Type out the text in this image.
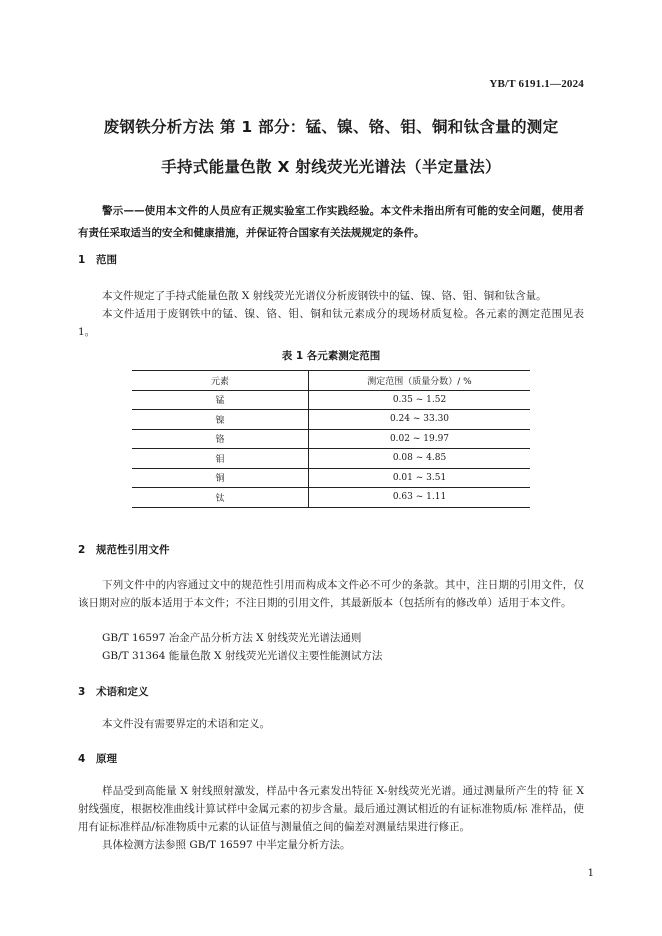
YB/T 6191.1—2024
废钢铁分析方法 第 1 部分：锰、镍、铬、钼、铜和钛含量的测定
手持式能量色散 X 射线荧光光谱法（半定量法）
警示——使用本文件的人员应有正规实验室工作实践经验。本文件未指出所有可能的安全问题，使用者有责任采取适当的安全和健康措施，并保证符合国家有关法规规定的条件。
1 范围
本文件规定了手持式能量色散 X 射线荧光光谱仪分析废钢铁中的锰、镍、铬、钼、铜和钛含量。
本文件适用于废钢铁中的锰、镍、铬、钼、铜和钛元素成分的现场材质复检。各元素的测定范围见表 1。
表 1 各元素测定范围
元素	测定范围（质量分数）/ %
锰	0.35 ~ 1.52
镍	0.24 ~ 33.30
铬	0.02 ~ 19.97
钼	0.08 ~ 4.85
铜	0.01 ~ 3.51
钛	0.63 ~ 1.11
2 规范性引用文件
下列文件中的内容通过文中的规范性引用而构成本文件必不可少的条款。其中，注日期的引用文件，仅该日期对应的版本适用于本文件；不注日期的引用文件，其最新版本（包括所有的修改单）适用于本文件。
GB/T 16597 冶金产品分析方法 X 射线荧光光谱法通则
GB/T 31364 能量色散 X 射线荧光光谱仪主要性能测试方法
3 术语和定义
本文件没有需要界定的术语和定义。
4 原理
样品受到高能量 X 射线照射激发，样品中各元素发出特征 X-射线荧光光谱。通过测量所产生的特 征 X 射线强度，根据校准曲线计算试样中金属元素的初步含量。最后通过测试相近的有证标准物质/标 准样品，使用有证标准样品/标准物质中元素的认证值与测量值之间的偏差对测量结果进行修正。
具体检测方法参照 GB/T 16597 中半定量分析方法。
1
